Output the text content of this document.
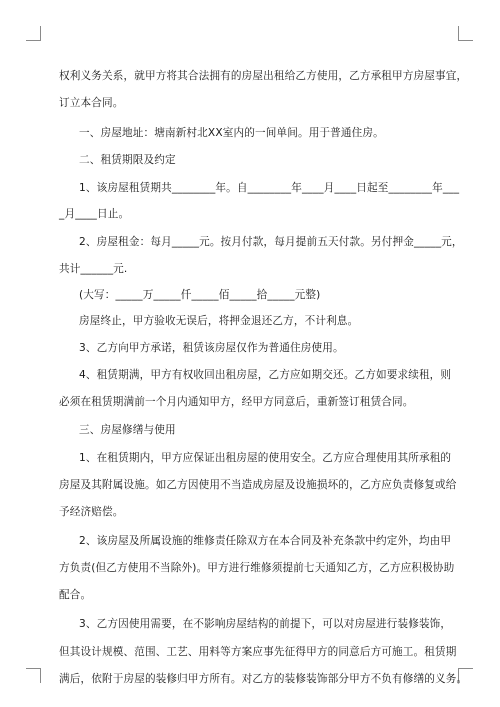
权利义务关系，就甲方将其合法拥有的房屋出租给乙方使用，乙方承租甲方房屋事宜，
订立本合同。
一、房屋地址：塘南新村北XX室内的一间单间。用于普通住房。
二、租赁期限及约定
1、该房屋租赁期共________年。自________年____月____日起至________年___
_月____日止。
2、房屋租金：每月_____元。按月付款，每月提前五天付款。另付押金_____元，
共计______元.
(大写：_____万_____仟_____佰_____拾_____元整)
房屋终止，甲方验收无误后，将押金退还乙方，不计利息。
3、乙方向甲方承诺，租赁该房屋仅作为普通住房使用。
4、租赁期满，甲方有权收回出租房屋，乙方应如期交还。乙方如要求续租，则
必须在租赁期满前一个月内通知甲方，经甲方同意后，重新签订租赁合同。
三、房屋修缮与使用
1、在租赁期内，甲方应保证出租房屋的使用安全。乙方应合理使用其所承租的
房屋及其附属设施。如乙方因使用不当造成房屋及设施损坏的，乙方应负责修复或给
予经济赔偿。
2、该房屋及所属设施的维修责任除双方在本合同及补充条款中约定外，均由甲
方负责(但乙方使用不当除外)。甲方进行维修须提前七天通知乙方，乙方应积极协助
配合。
3、乙方因使用需要，在不影响房屋结构的前提下，可以对房屋进行装修装饰，
但其设计规模、范围、工艺、用料等方案应事先征得甲方的同意后方可施工。租赁期
满后，依附于房屋的装修归甲方所有。对乙方的装修装饰部分甲方不负有修缮的义务。
